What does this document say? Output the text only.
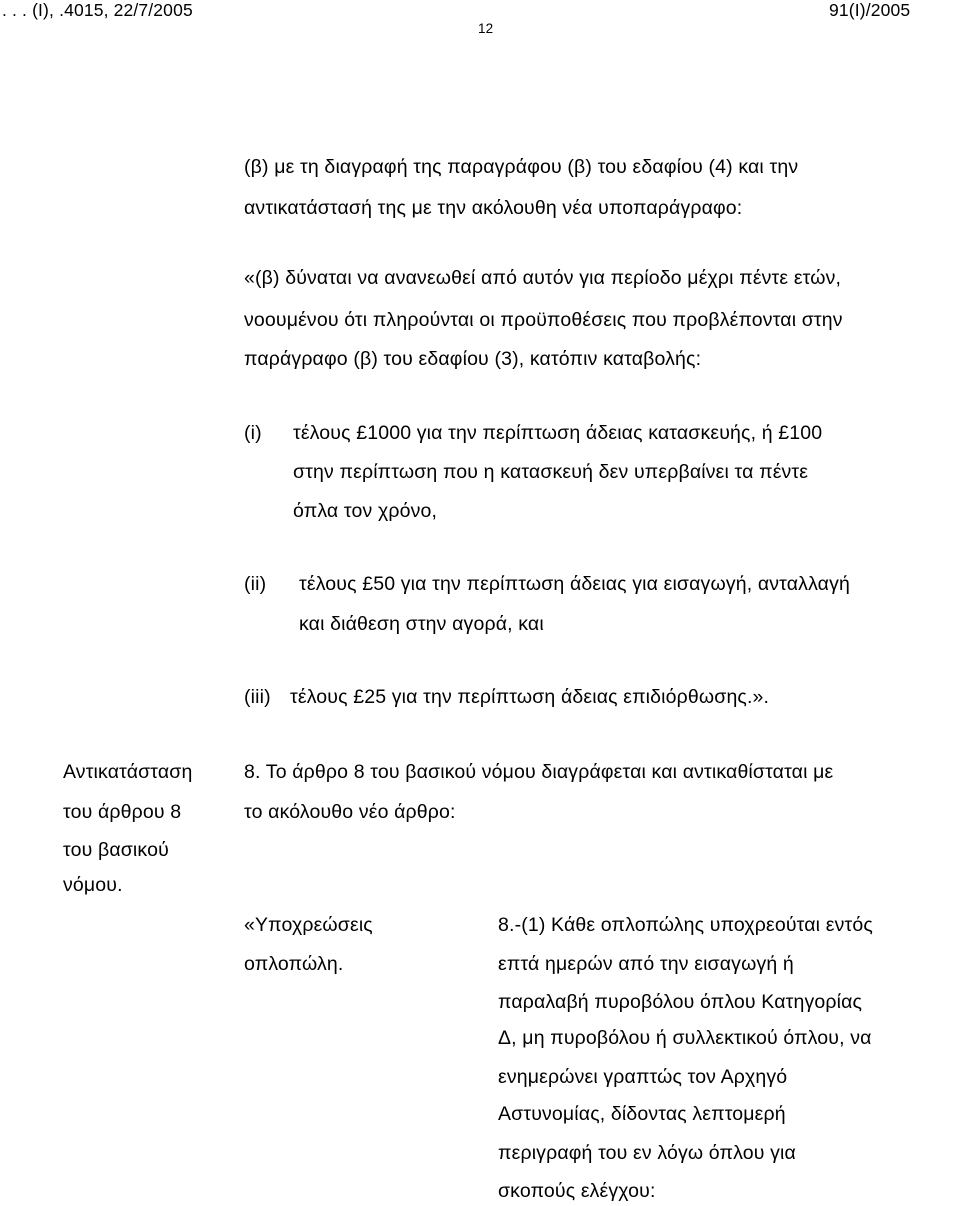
. . . (Ι), .4015, 22/7/2005	91(Ι)/2005
12
(β) με τη διαγραφή της παραγράφου (β) του εδαφίου (4) και την
αντικατάστασή της με την ακόλουθη νέα υποπαράγραφο:
«(β) δύναται να ανανεωθεί από αυτόν για περίοδο μέχρι πέντε ετών,
νοουμένου ότι πληρούνται οι προϋποθέσεις που προβλέπονται στην
παράγραφο (β) του εδαφίου (3), κατόπιν καταβολής:
(i) τέλους £1000 για την περίπτωση άδειας κατασκευής, ή £100
στην περίπτωση που η κατασκευή δεν υπερβαίνει τα πέντε
όπλα τον χρόνο,
(ii) τέλους £50 για την περίπτωση άδειας για εισαγωγή, ανταλλαγή
και διάθεση στην αγορά, και
(iii) τέλους £25 για την περίπτωση άδειας επιδιόρθωσης.».
Αντικατάσταση
του άρθρου 8
του βασικού
νόμου.
8. Το άρθρο 8 του βασικού νόμου διαγράφεται και αντικαθίσταται με
το ακόλουθο νέο άρθρο:
«Υποχρεώσεις
οπλοπώλη.
8.-(1) Κάθε οπλοπώλης υποχρεούται εντός
επτά ημερών από την εισαγωγή ή
παραλαβή πυροβόλου όπλου Κατηγορίας
Δ, μη πυροβόλου ή συλλεκτικού όπλου, να
ενημερώνει γραπτώς τον Αρχηγό
Αστυνομίας, δίδοντας λεπτομερή
περιγραφή του εν λόγω όπλου για
σκοπούς ελέγχου:
